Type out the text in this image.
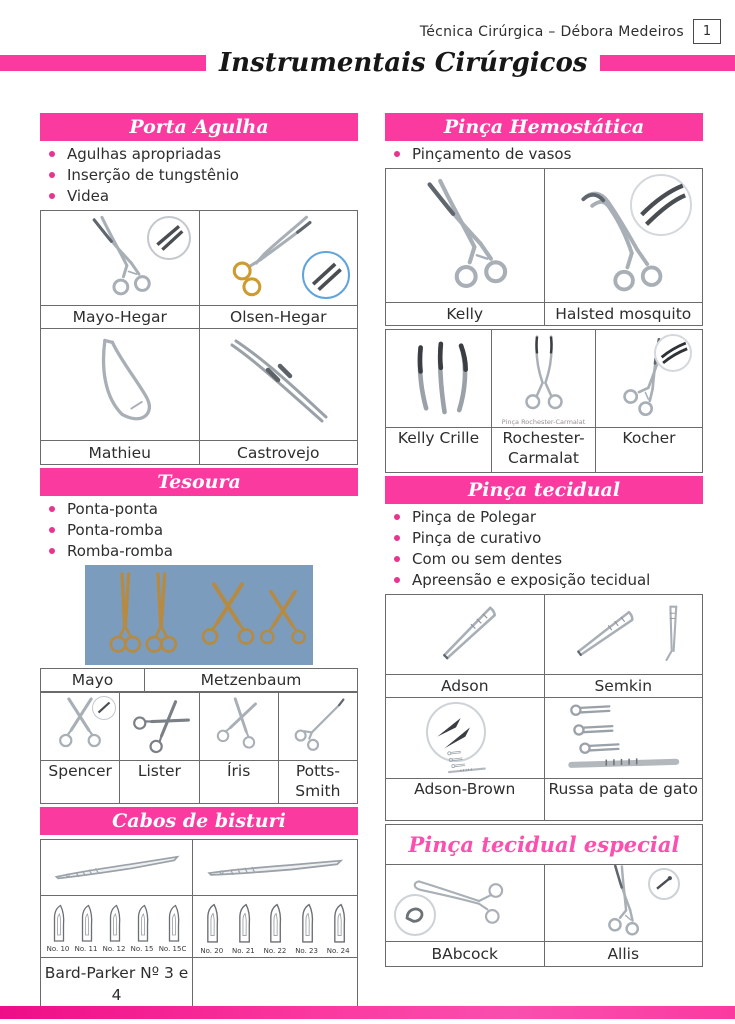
Técnica Cirúrgica – Débora Medeiros	1
Instrumentais Cirúrgicos
Porta Agulha
Agulhas apropriadas
Inserção de tungstênio
Videa

Mayo-Hegar	Olsen-Hegar

Mathieu	Castrovejo
Tesoura
Ponta-ponta
Ponta-romba
Romba-romba
Mayo	Metzenbaum

Spencer	Lister	Íris	Potts-Smith
Cabos de bisturi

No. 10 No. 11 No. 12 No. 15 No. 15C	No. 20 No. 21 No. 22 No. 23 No. 24

Bard-Parker Nº 3 e 4	
Pinça Hemostática
Pinçamento de vasos

Kelly	Halsted mosquito

Pinça Rochester-Carmalat

Kelly Crille	Rochester-Carmalat	Kocher
Pinça tecidual
Pinça de Polegar
Pinça de curativo
Com ou sem dentes
Apreensão e exposição tecidual

Adson	Semkin

Adson-Brown	Russa pata de gato
Pinça tecidual especial	

BAbcock	Allis
